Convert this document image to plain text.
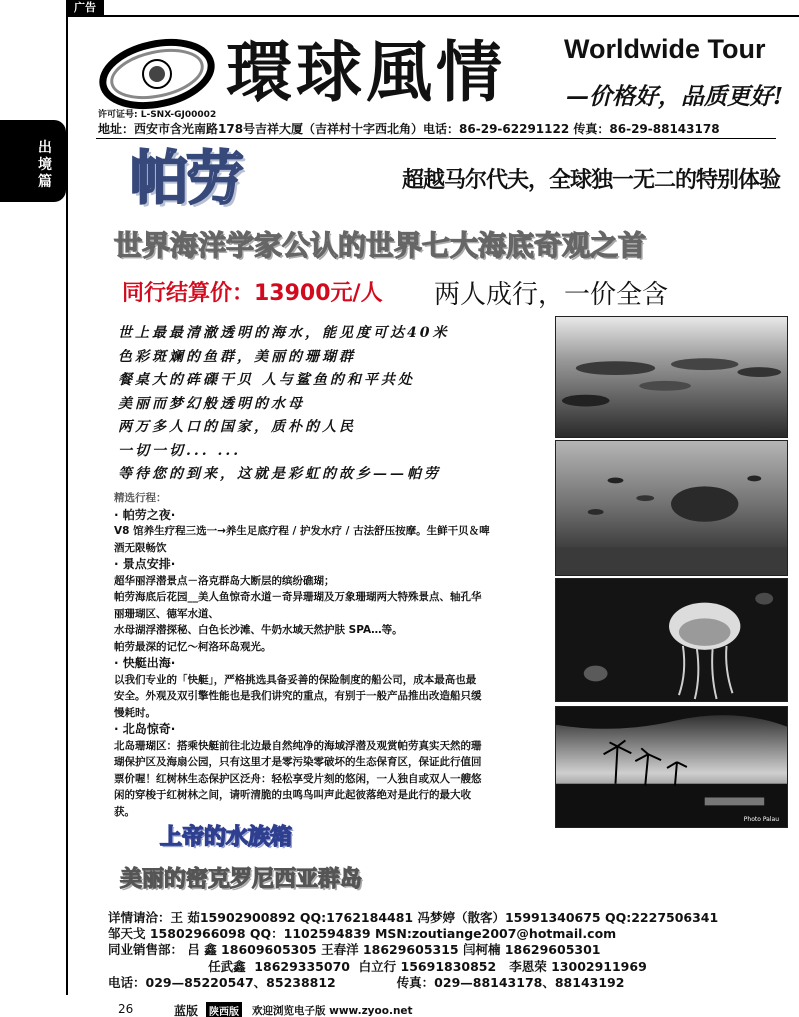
广告
出
境
篇
環球風情 Worldwide Tour
—价格好，品质更好!
许可证号: L-SNX-GJ00002
地址：西安市含光南路178号吉祥大厦（吉祥村十字西北角）电话：86-29-62291122 传真：86-29-88143178
帕劳	超越马尔代夫，全球独一无二的特别体验
世界海洋学家公认的世界七大海底奇观之首
同行结算价：13900元/人 两人成行，一价全含
世上最最清澈透明的海水，能见度可达40米
色彩斑斓的鱼群，美丽的珊瑚群
餐桌大的砗磲干贝 人与鲨鱼的和平共处
美丽而梦幻般透明的水母
两万多人口的国家，质朴的人民
一切一切... ...
等待您的到来，这就是彩虹的故乡——帕劳
精选行程：
· 帕劳之夜·
V8 馆养生疗程三选一→养生足底疗程 / 护发水疗 / 古法舒压按摩。生鲜干贝＆啤
酒无限畅饮
· 景点安排·
超华丽浮潜景点－洛克群岛大断层的缤纷礁瑚；
帕劳海底后花园__美人鱼惊奇水道－奇异珊瑚及万象珊瑚两大特殊景点、轴孔华
丽珊瑚区、德军水道、
水母湖浮潜探秘、白色长沙滩、牛奶水域天然护肤 SPA…等。
帕劳最深的记忆～柯洛环岛观光。
· 快艇出海·
以我们专业的「快艇」，严格挑选具备妥善的保险制度的船公司，成本最高也最
安全。外观及双引擎性能也是我们讲究的重点，有别于一般产品推出改造船只缓
慢耗时。
· 北岛惊奇·
北岛珊瑚区：搭乘快艇前往北边最自然纯净的海域浮潜及观赏帕劳真实天然的珊
瑚保护区及海扇公园，只有这里才是零污染零破坏的生态保育区，保证此行值回
票价喔！红树林生态保护区泛舟：轻松享受片刻的悠闲，一人独自或双人一艘悠
闲的穿梭于红树林之间，请听清脆的虫鸣鸟叫声此起彼落绝对是此行的最大收
获。
Photo Palau
上帝的水族箱
美丽的密克罗尼西亚群岛
详情请洽：王 茹15902900892 QQ:1762184481 冯梦婷（散客）15991340675 QQ:2227506341
邹天戈 15802966098 QQ：1102594839 MSN:zoutiange2007@hotmail.com
同业销售部： 吕 鑫 18609605305 王春洋 18629605315 闫柯楠 18629605301
任武鑫  18629335070  白立行 15691830852   李恩荣 13002911969
电话：029—85220547、85238812              传真：029—88143178、88143192
26	蓝版	陕西版 欢迎浏览电子版 www.zyoo.net
